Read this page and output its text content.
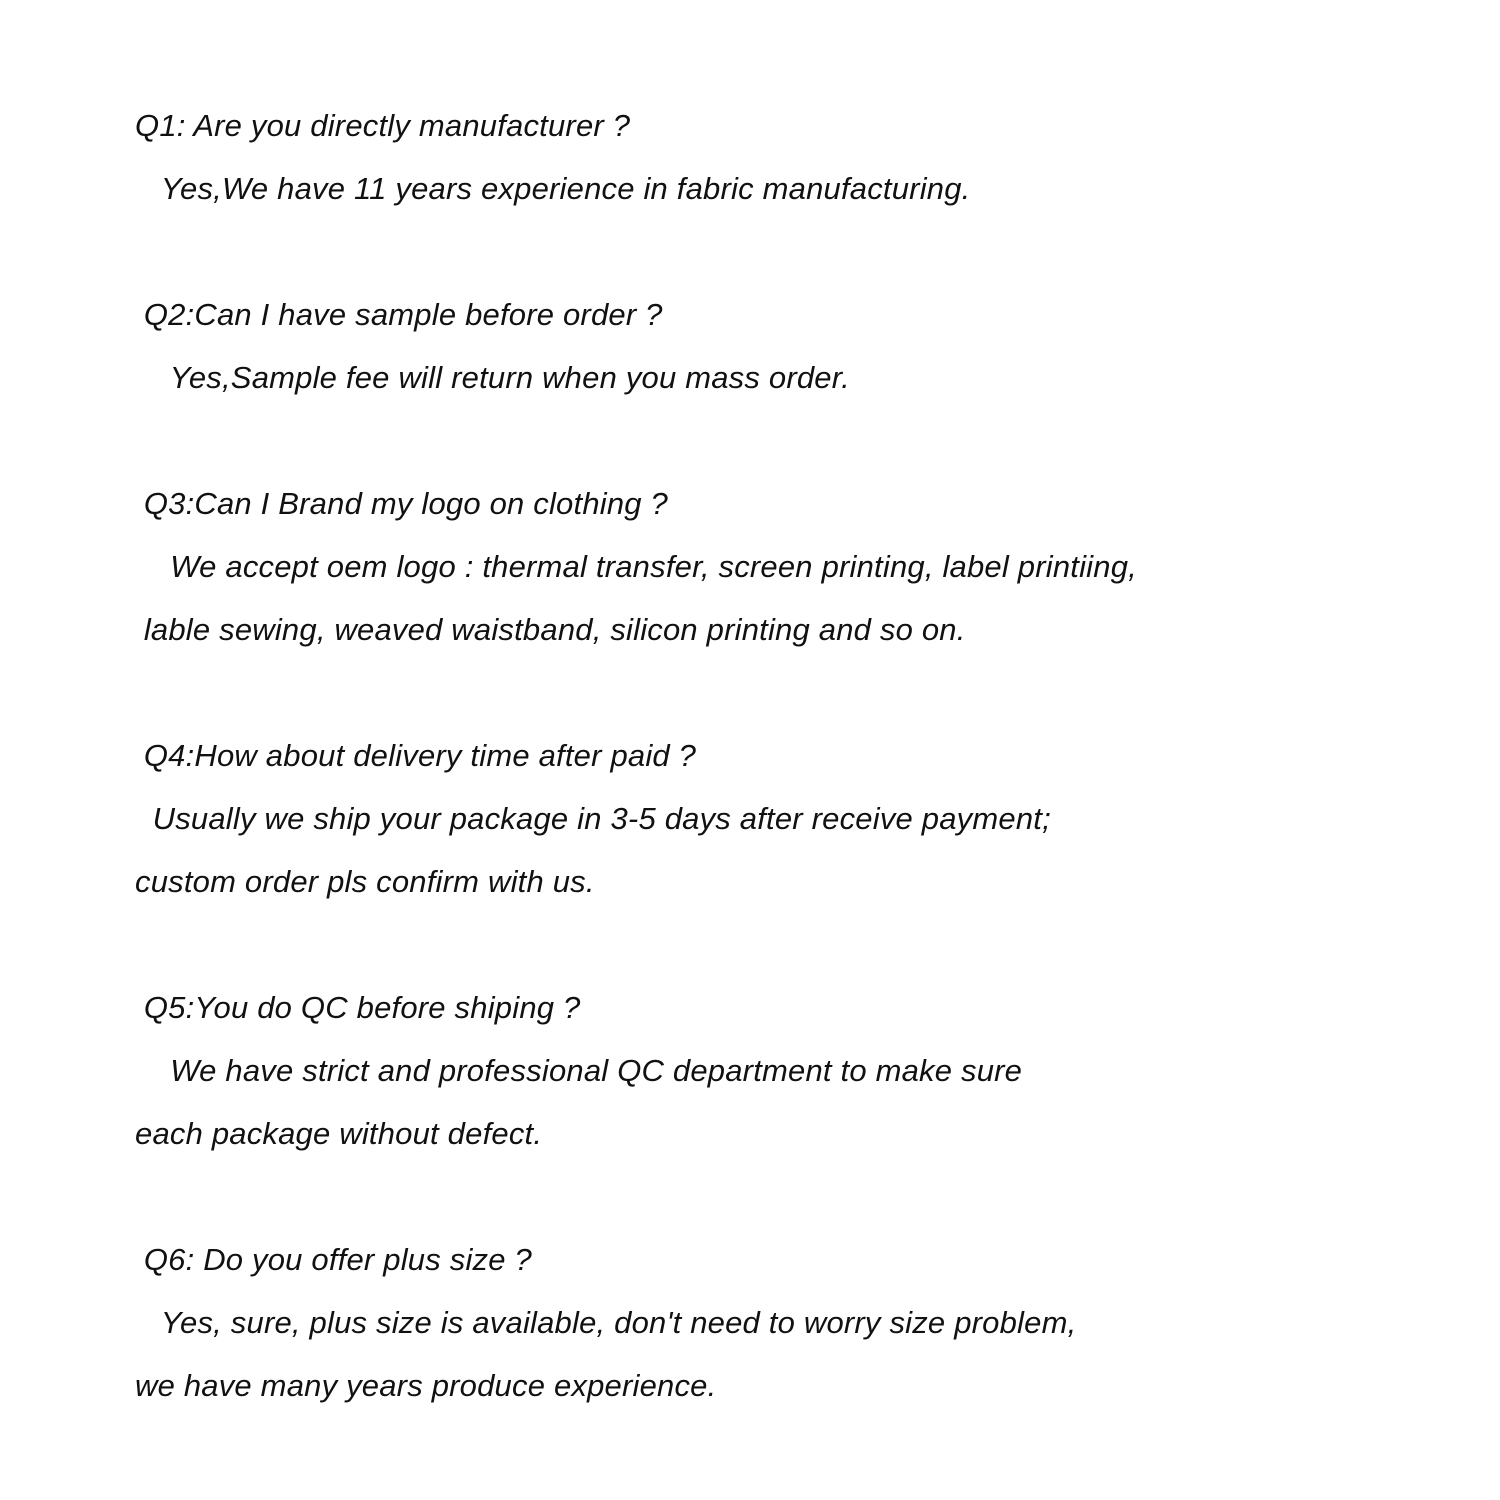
Q1: Are you directly manufacturer ?
Yes,We have 11 years experience in fabric manufacturing.
Q2:Can I have sample before order ?
Yes,Sample fee will return when you mass order.
Q3:Can I Brand my logo on clothing ?
We accept oem logo : thermal transfer, screen printing, label printiing,
lable sewing, weaved waistband, silicon printing and so on.
Q4:How about delivery time after paid ?
Usually we ship your package in 3-5 days after receive payment;
custom order pls confirm with us.
Q5:You do QC before shiping ?
We have strict and professional QC department to make sure
each package without defect.
Q6: Do you offer plus size ?
Yes, sure, plus size is available, don't need to worry size problem,
we have many years produce experience.
